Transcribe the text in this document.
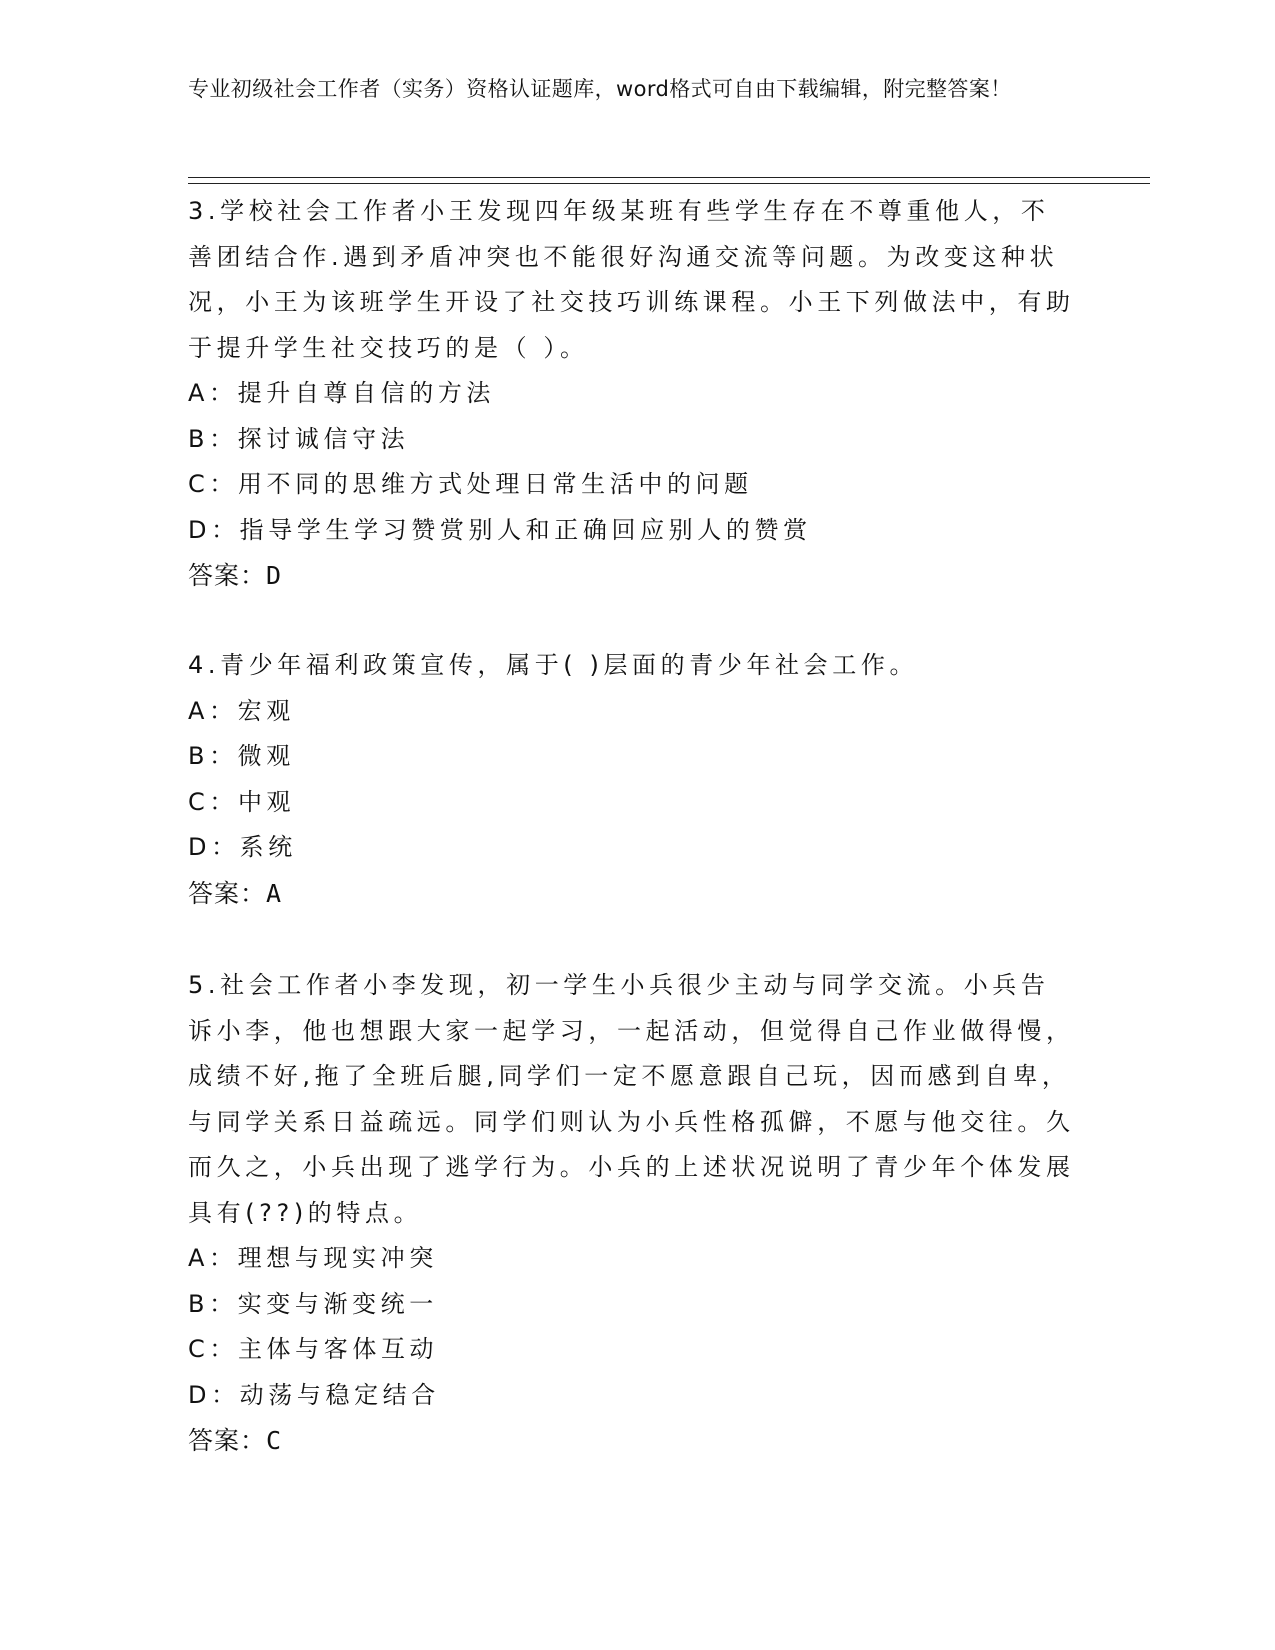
专业初级社会工作者（实务）资格认证题库，word格式可自由下载编辑，附完整答案！
3.学校社会工作者小王发现四年级某班有些学生存在不尊重他人，不善团结合作.遇到矛盾冲突也不能很好沟通交流等问题。为改变这种状况，小王为该班学生开设了社交技巧训练课程。小王下列做法中，有助于提升学生社交技巧的是（ ）。
A：提升自尊自信的方法
B：探讨诚信守法
C：用不同的思维方式处理日常生活中的问题
D：指导学生学习赞赏别人和正确回应别人的赞赏
答案：D
4.青少年福利政策宣传，属于( )层面的青少年社会工作。
A：宏观
B：微观
C：中观
D：系统
答案：A
5.社会工作者小李发现，初一学生小兵很少主动与同学交流。小兵告诉小李，他也想跟大家一起学习，一起活动，但觉得自己作业做得慢，成绩不好,拖了全班后腿,同学们一定不愿意跟自己玩，因而感到自卑，与同学关系日益疏远。同学们则认为小兵性格孤僻，不愿与他交往。久而久之，小兵出现了逃学行为。小兵的上述状况说明了青少年个体发展具有(??)的特点。
A：理想与现实冲突
B：实变与渐变统一
C：主体与客体互动
D：动荡与稳定结合
答案：C
